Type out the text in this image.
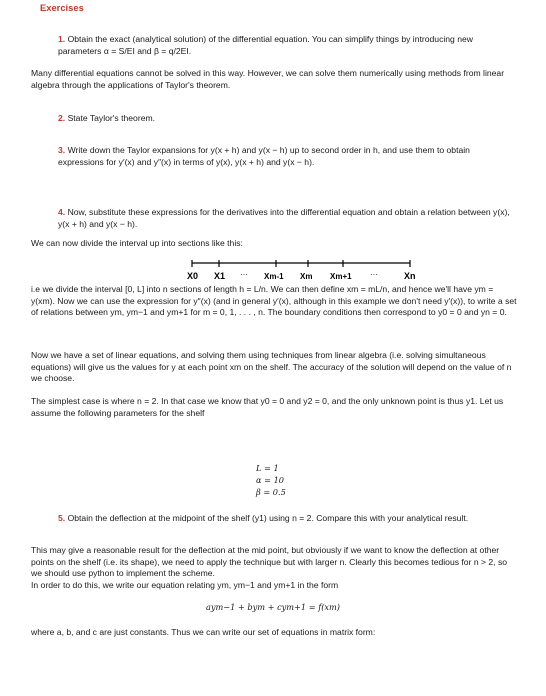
Exercises
1. Obtain the exact (analytical solution) of the differential equation. You can simplify things by introducing new parameters α = S/EI and β = q/2EI.
Many differential equations cannot be solved in this way. However, we can solve them numerically using methods from linear algebra through the applications of Taylor's theorem.
2. State Taylor's theorem.
3. Write down the Taylor expansions for y(x + h) and y(x − h) up to second order in h, and use them to obtain expressions for y′(x) and y″(x) in terms of y(x), y(x + h) and y(x − h).
4. Now, substitute these expressions for the derivatives into the differential equation and obtain a relation between y(x), y(x + h) and y(x − h).
We can now divide the interval up into sections like this:
X0 X1 ··· Xm-1 Xm Xm+1 ···	Xn
i.e we divide the interval [0, L] into n sections of length h = L/n. We can then define xm = mL/n, and hence we'll have ym = y(xm). Now we can use the expression for y″(x) (and in general y′(x), although in this example we don't need y′(x)), to write a set of relations between ym, ym−1 and ym+1 for m = 0, 1, . . . , n. The boundary conditions then correspond to y0 = 0 and yn = 0.
Now we have a set of linear equations, and solving them using techniques from linear algebra (i.e. solving simultaneous equations) will give us the values for y at each point xm on the shelf. The accuracy of the solution will depend on the value of n we choose.
The simplest case is where n = 2. In that case we know that y0 = 0 and y2 = 0, and the only unknown point is thus y1. Let us assume the following parameters for the shelf
L = 1
α = 10
β = 0.5
5. Obtain the deflection at the midpoint of the shelf (y1) using n = 2. Compare this with your analytical result.
This may give a reasonable result for the deflection at the mid point, but obviously if we want to know the deflection at other points on the shelf (i.e. its shape), we need to apply the technique but with larger n. Clearly this becomes tedious for n > 2, so we should use python to implement the scheme.
In order to do this, we write our equation relating ym, ym−1 and ym+1 in the form
aym−1 + bym + cym+1 = f(xm)
where a, b, and c are just constants. Thus we can write our set of equations in matrix form:
